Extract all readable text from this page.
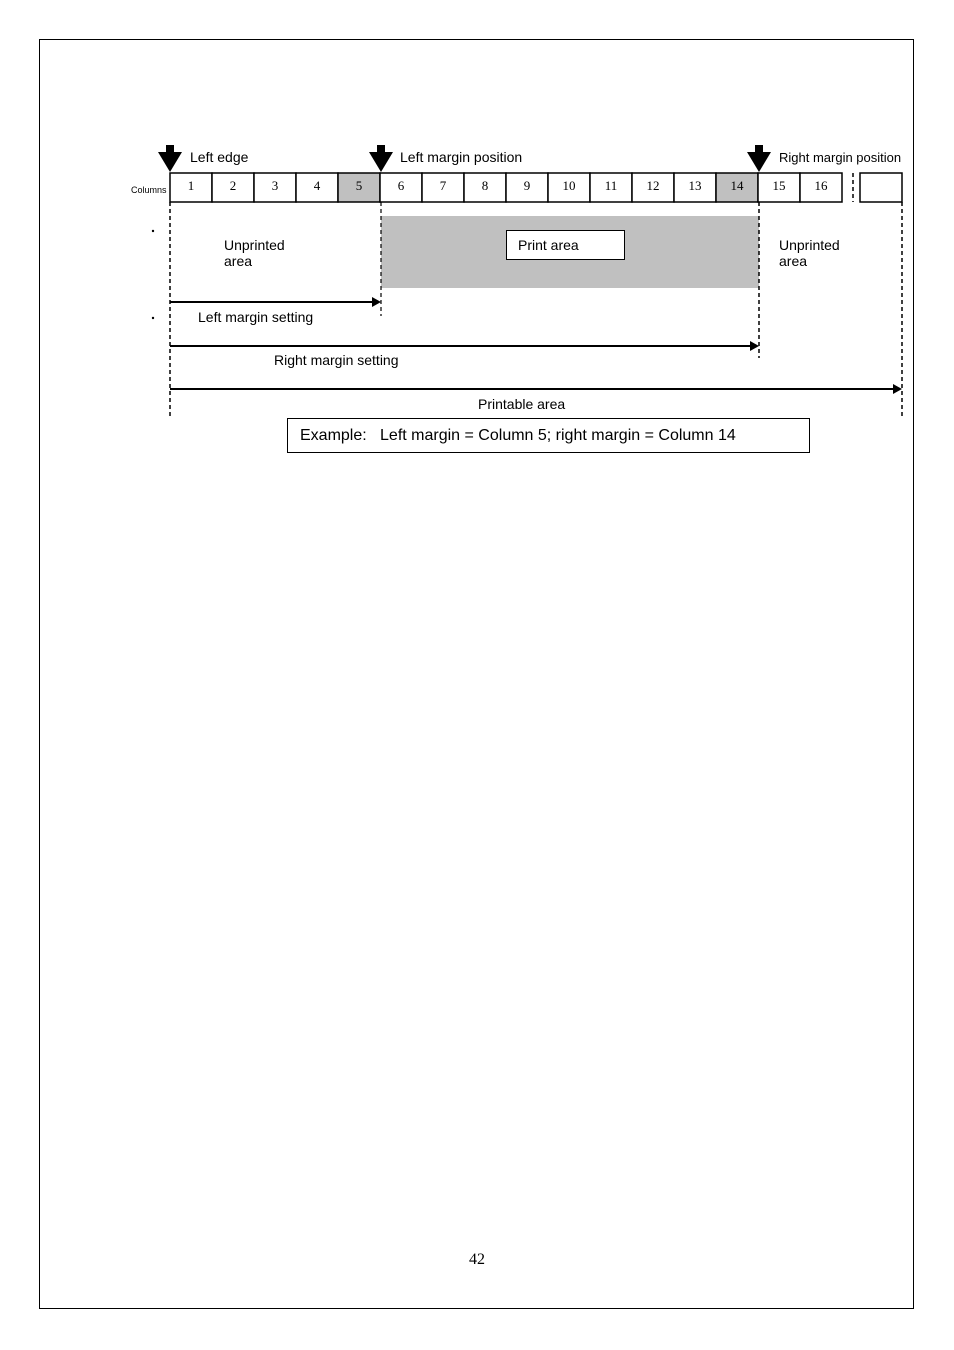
1	2	3	4	5	6	7	8	9	10	11	12	13	14	15	16
Columns
Left edge	Left margin position	Right margin position
Unprinted
area
Unprinted
area
Print area
Left margin setting
Right margin setting
Printable area
Example:   Left margin = Column 5; right margin = Column 14
42
